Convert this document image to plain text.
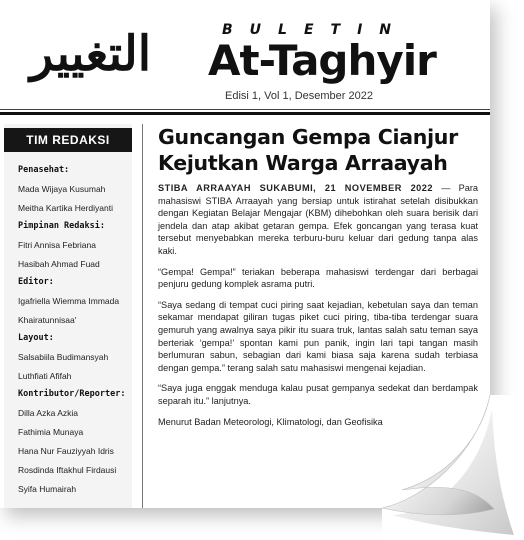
التغيير	BULETIN
At-Taghyir
Edisi 1, Vol 1, Desember 2022
TIM REDAKSI
Penasehat:
Mada Wijaya Kusumah
Meitha Kartika Herdiyanti
Pimpinan Redaksi:
Fitri Annisa Febriana
Hasibah Ahmad Fuad
Editor:
Igafriella Wiemma Immada
Khairatunnisaa'
Layout:
Salsabiila Budimansyah
Luthfiati Afifah
Kontributor/Reporter:
Dilla Azka Azkia
Fathimia Munaya
Hana Nur Fauziyyah Idris
Rosdinda Iftakhul Firdausi
Syifa Humairah
Guncangan Gempa Cianjur
Kejutkan Warga Arraayah

STIBA ARRAAYAH SUKABUMI, 21 NOVEMBER 2022 — Para mahasiswi STIBA Arraayah yang bersiap untuk istirahat setelah disibukkan dengan Kegiatan Belajar Mengajar (KBM) dihebohkan oleh suara berisik dari jendela dan atap akibat getaran gempa. Efek goncangan yang terasa kuat tersebut menyebabkan mereka terburu-buru keluar dari gedung tanpa alas kaki.

“Gempa! Gempa!” teriakan beberapa mahasiswi terdengar dari berbagai penjuru gedung komplek asrama putri.

“Saya sedang di tempat cuci piring saat kejadian, kebetulan saya dan teman sekamar mendapat giliran tugas piket cuci piring, tiba-tiba terdengar suara gemuruh yang awalnya saya pikir itu suara truk, lantas salah satu teman saya berteriak ‘gempa!’ spontan kami pun panik, ingin lari tapi tangan masih berlumuran sabun, sebagian dari kami biasa saja karena sudah terbiasa dengan gempa.” terang salah satu mahasiswi mengenai kejadian.

“Saya juga enggak menduga kalau pusat gempanya sedekat dan berdampak separah itu.” lanjutnya.

Menurut Badan Meteorologi, Klimatologi, dan Geofisika
